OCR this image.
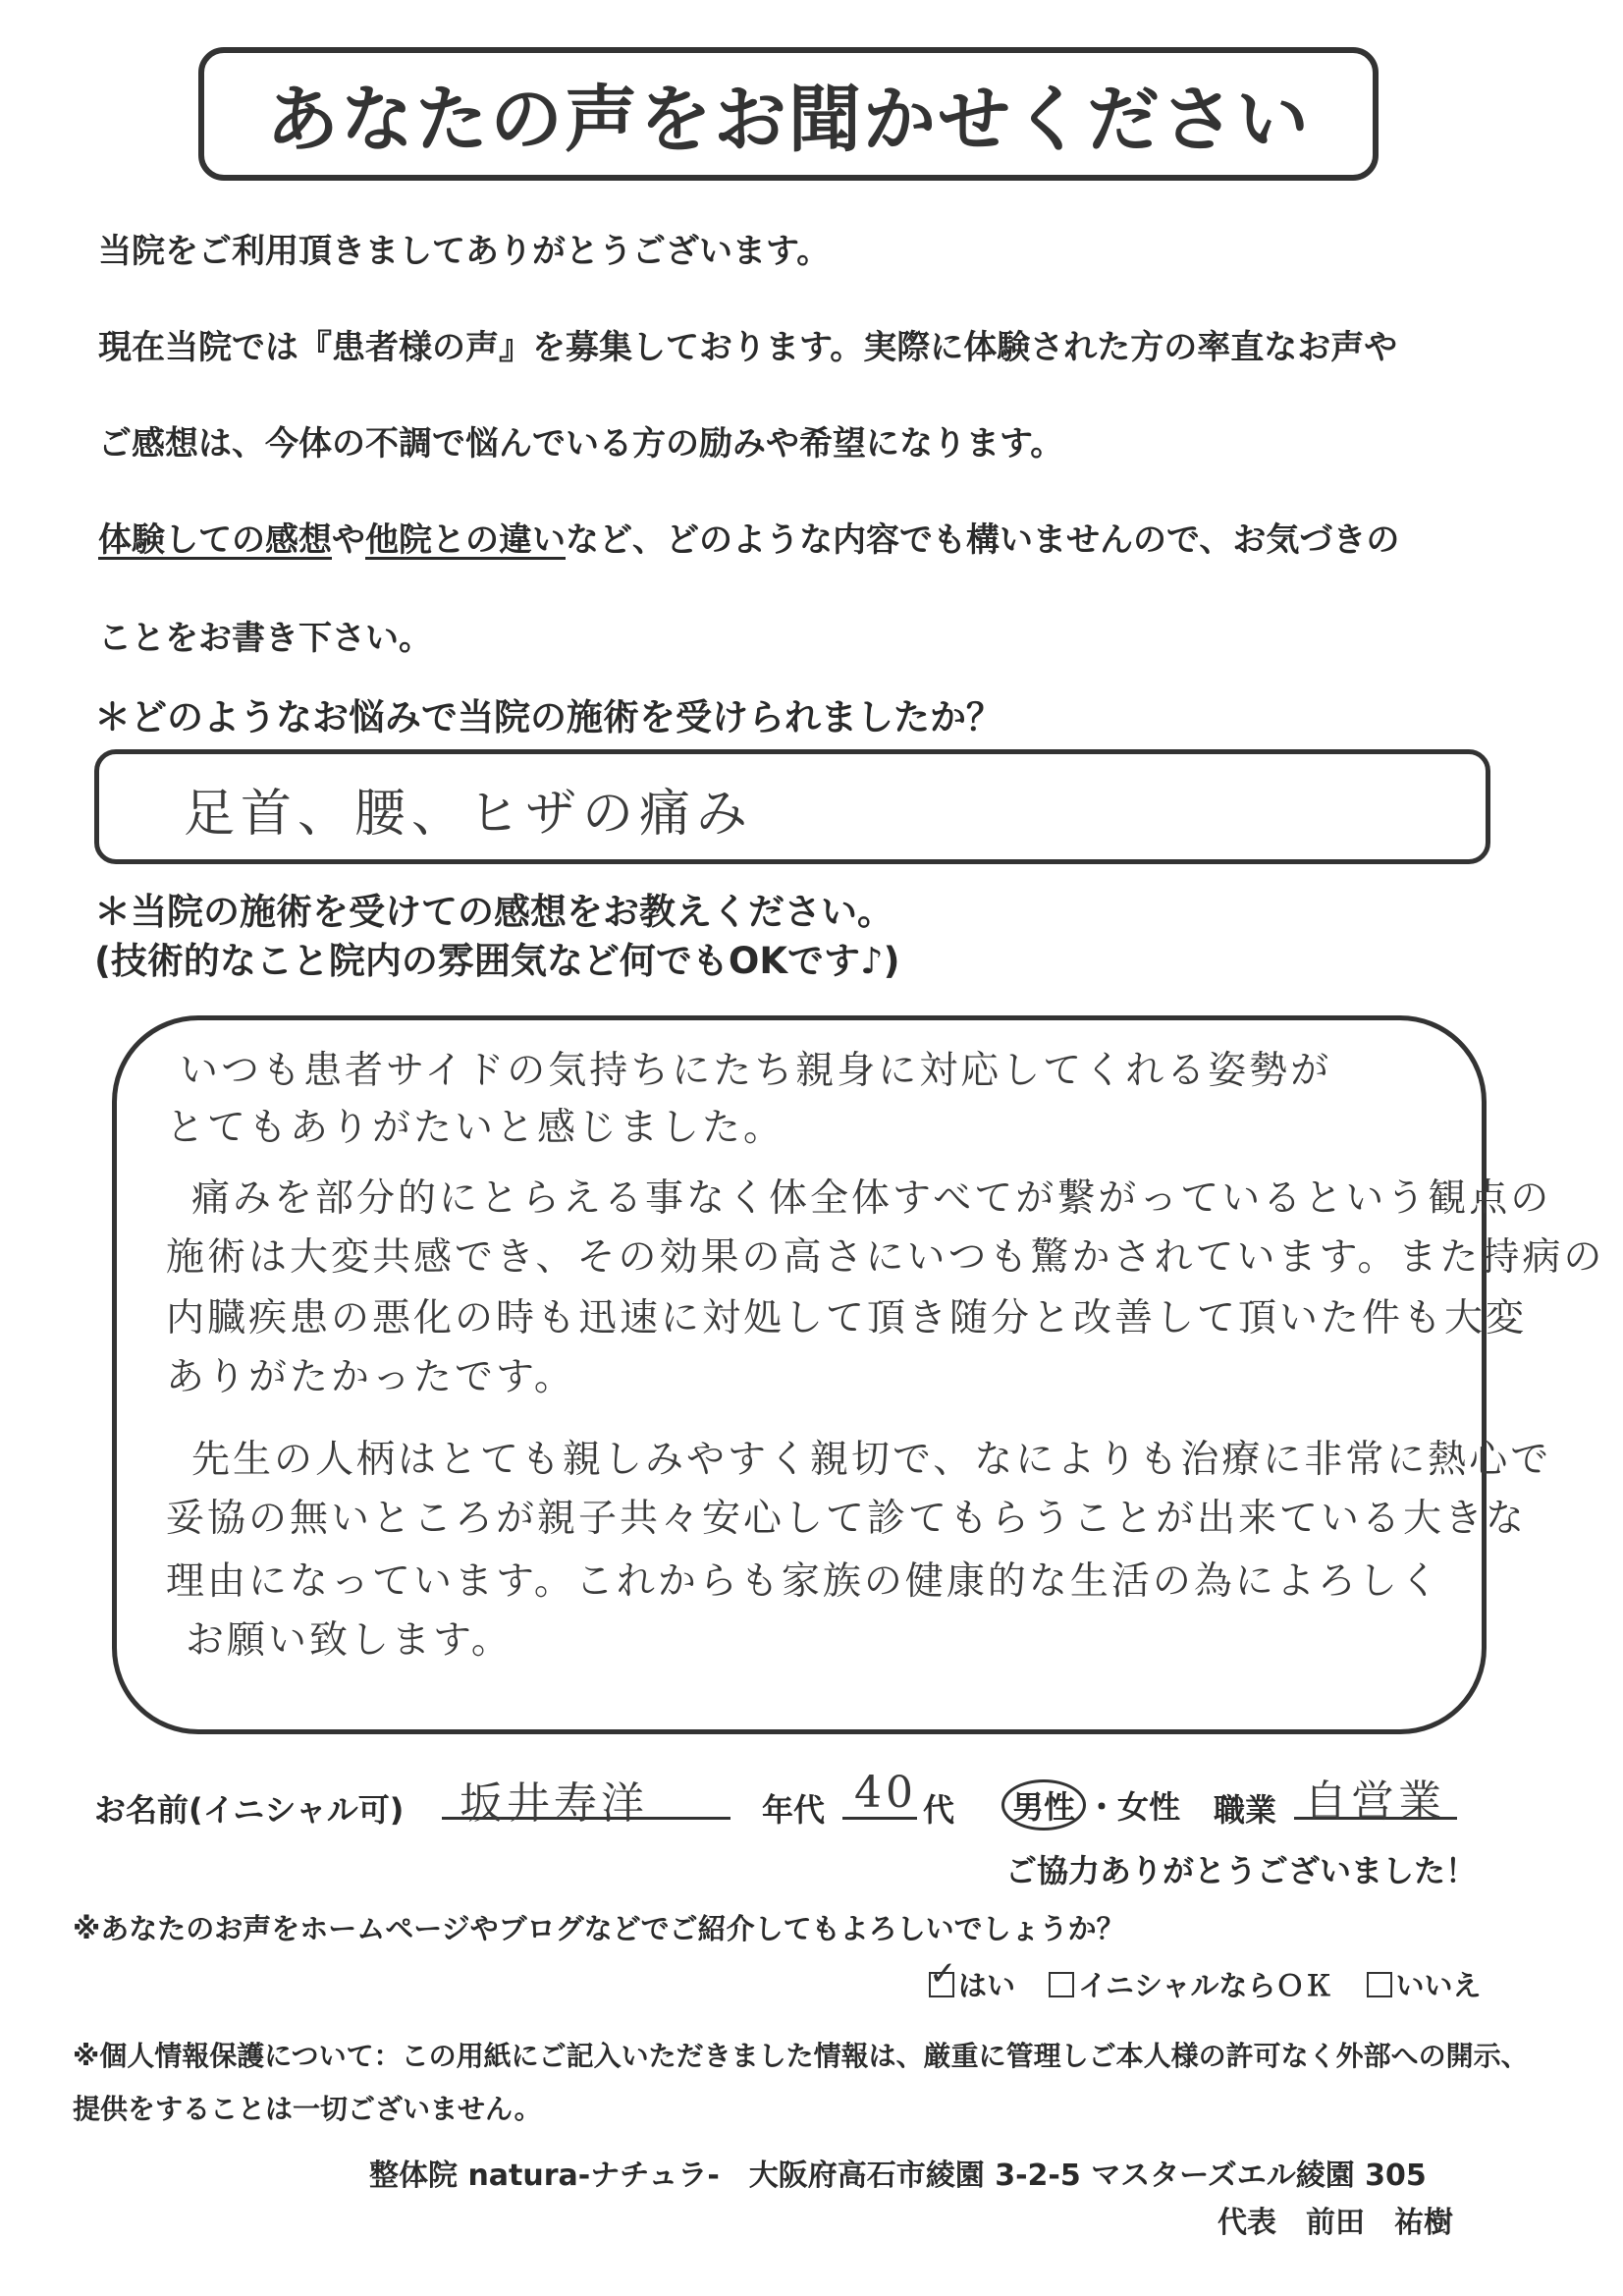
あなたの声をお聞かせください
当院をご利用頂きましてありがとうございます。
現在当院では『患者様の声』を募集しております。実際に体験された方の率直なお声や
ご感想は、今体の不調で悩んでいる方の励みや希望になります。
体験しての感想や他院との違いなど、どのような内容でも構いませんので、お気づきの
ことをお書き下さい。
＊どのようなお悩みで当院の施術を受けられましたか？
足首、腰、ヒザの痛み
＊当院の施術を受けての感想をお教えください。
(技術的なこと院内の雰囲気など何でもOKです♪)
いつも患者サイドの気持ちにたち親身に対応してくれる姿勢が
とてもありがたいと感じました。
痛みを部分的にとらえる事なく体全体すべてが繋がっているという観点の
施術は大変共感でき、その効果の高さにいつも驚かされています。また持病の
内臓疾患の悪化の時も迅速に対処して頂き随分と改善して頂いた件も大変
ありがたかったです。
先生の人柄はとても親しみやすく親切で、なによりも治療に非常に熱心で
妥協の無いところが親子共々安心して診てもらうことが出来ている大きな
理由になっています。これからも家族の健康的な生活の為によろしく
お願い致します。
お名前(イニシャル可) 坂井寿洋	年代 40 代	男性 ・女性 職業 自営業
ご協力ありがとうございました！
※あなたのお声をホームページやブログなどでご紹介してもよろしいでしょうか？
✓はい イニシャルならＯＫ いいえ
※個人情報保護について：この用紙にご記入いただきました情報は、厳重に管理しご本人様の許可なく外部への開示、
提供をすることは一切ございません。
整体院 natura-ナチュラ-　大阪府高石市綾園 3-2-5 マスターズエル綾園 305
代表　前田　祐樹
